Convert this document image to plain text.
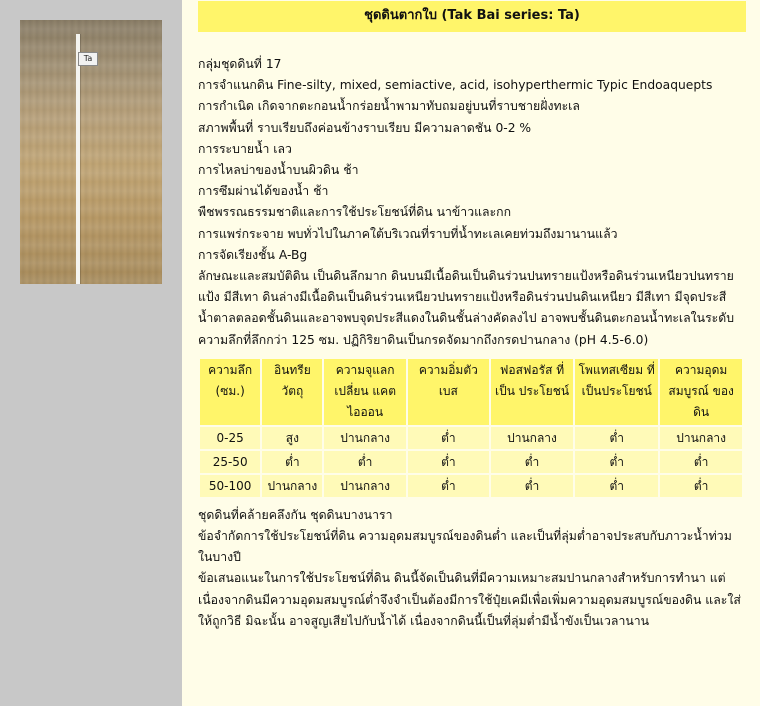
Ta
ชุดดินตากใบ (Tak Bai series: Ta)
กลุ่มชุดดินที่ 17
การจำแนกดิน Fine-silty, mixed, semiactive, acid, isohyperthermic Typic Endoaquepts
การกำเนิด เกิดจากตะกอนน้ำกร่อยน้ำพามาทับถมอยู่บนที่ราบชายฝั่งทะเล
สภาพพื้นที่ ราบเรียบถึงค่อนข้างราบเรียบ มีความลาดชัน 0-2 %
การระบายน้ำ เลว
การไหลบ่าของน้ำบนผิวดิน ช้า
การซึมผ่านได้ของน้ำ ช้า
พืชพรรณธรรมชาติและการใช้ประโยชน์ที่ดิน นาข้าวและกก
การแพร่กระจาย พบทั่วไปในภาคใต้บริเวณที่ราบที่น้ำทะเลเคยท่วมถึงมานานแล้ว
การจัดเรียงชั้น A-Bg
ลักษณะและสมบัติดิน เป็นดินลึกมาก ดินบนมีเนื้อดินเป็นดินร่วนปนทรายแป้งหรือดินร่วนเหนียวปนทรายแป้ง มีสีเทา ดินล่างมีเนื้อดินเป็นดินร่วนเหนียวปนทรายแป้งหรือดินร่วนปนดินเหนียว มีสีเทา มีจุดประสีน้ำตาลตลอดชั้นดินและอาจพบจุดประสีแดงในดินชั้นล่างคัดลงไป อาจพบชั้นดินตะกอนน้ำทะเลในระดับความลึกที่ลึกกว่า 125 ซม. ปฏิกิริยาดินเป็นกรดจัดมากถึงกรดปานกลาง (pH 4.5-6.0)
ความลึก (ซม.)	อินทรีย วัตถุ	ความจุแลกเปลี่ยน แคตไอออน	ความอิ่มตัว เบส	ฟอสฟอรัส ที่เป็น ประโยชน์	โพแทสเซียม ที่เป็นประโยชน์	ความอุดม สมบูรณ์ ของดิน
0-25	สูง	ปานกลาง	ต่ำ	ปานกลาง	ต่ำ	ปานกลาง
25-50	ต่ำ	ต่ำ	ต่ำ	ต่ำ	ต่ำ	ต่ำ
50-100	ปานกลาง	ปานกลาง	ต่ำ	ต่ำ	ต่ำ	ต่ำ
ชุดดินที่คล้ายคลึงกัน ชุดดินบางนารา
ข้อจำกัดการใช้ประโยชน์ที่ดิน ความอุดมสมบูรณ์ของดินต่ำ และเป็นที่ลุ่มต่ำอาจประสบกับภาวะน้ำท่วมในบางปี
ข้อเสนอแนะในการใช้ประโยชน์ที่ดิน ดินนี้จัดเป็นดินที่มีความเหมาะสมปานกลางสำหรับการทำนา แต่เนื่องจากดินมีความอุดมสมบูรณ์ต่ำจึงจำเป็นต้องมีการใช้ปุ๋ยเคมีเพื่อเพิ่มความอุดมสมบูรณ์ของดิน และใส่ให้ถูกวิธี มิฉะนั้น อาจสูญเสียไปกับน้ำได้ เนื่องจากดินนี้เป็นที่ลุ่มต่ำมีน้ำขังเป็นเวลานาน
